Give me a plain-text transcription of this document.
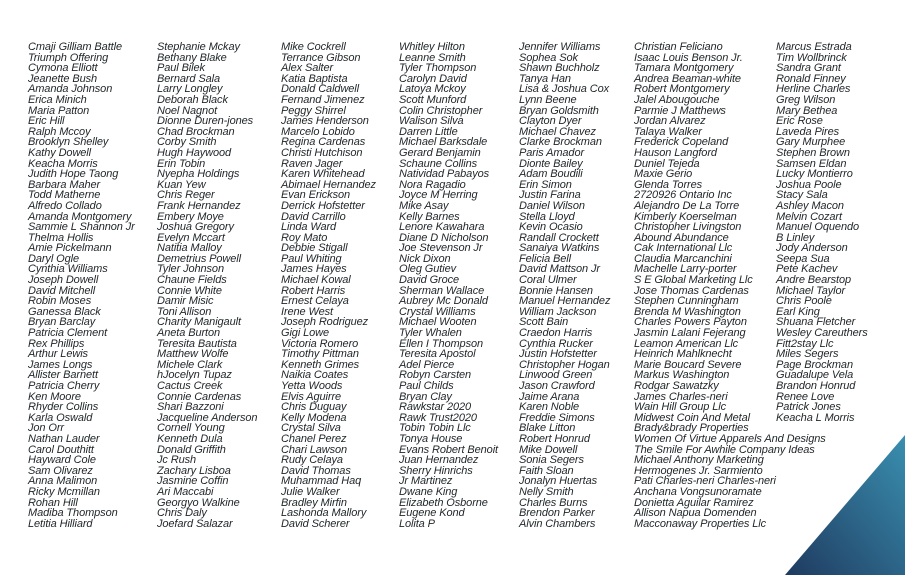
Cmaji Gilliam Battle
Triumph Offering
Cymona Elliott
Jeanette Bush
Amanda Johnson
Erica Minich
Maria Patton
Eric Hill
Ralph Mccoy
Brooklyn Shelley
Kathy Dowell
Keacha Morris
Judith Hope Taong
Barbara Maher
Todd Matherne
Alfredo Collado
Amanda Montgomery
Sammie L Shannon Jr
Thelma Hollis
Amie Pickelmann
Daryl Ogle
Cynthia Williams
Joseph Dowell
David Mitchell
Robin Moses
Ganessa Black
Bryan Barclay
Patricia Clement
Rex Phillips
Arthur Lewis
James Longs
Allister Barnett
Patricia Cherry
Ken Moore
Rhyder Collins
Karla Oswald
Jon Orr
Nathan Lauder
Carol Douthitt
Hayward Cole
Sam Olivarez
Anna Malimon
Ricky Mcmillan
Rohan Hill
Madiba Thompson
Letitia Hilliard
Stephanie Mckay
Bethany Blake
Paul Bilek
Bernard Sala
Larry Longley
Deborah Black
Noel Nagnot
Dionne Duren-jones
Chad Brockman
Corby Smith
Hugh Haywood
Erin Tobin
Nyepha Holdings
Kuan Yew
Chris Reger
Frank Hernandez
Embery Moye
Joshua Gregory
Evelyn Mccart
Natitia Malloy
Demetrius Powell
Tyler Johnson
Chaune Fields
Connie White
Damir Misic
Toni Allison
Charity Manigault
Aneta Burton
Teresita Bautista
Matthew Wolfe
Michele Clark
hJocelyn Tupaz
Cactus Creek
Connie Cardenas
Shari Bazzoni
Jacqueline Anderson
Cornell Young
Kenneth Dula
Donald Griffith
Jc Rush
Zachary Lisboa
Jasmine Coffin
Ari Maccabi
Georgyo Walkine
Chris Daly
Joefard Salazar
Mike Cockrell
Terrance Gibson
Alex Salter
Katia Baptista
Donald Caldwell
Fernand Jimenez
Peggy Shirrel
James Henderson
Marcelo Lobido
Regina Cardenas
Christi Hutchison
Raven Jager
Karen Whitehead
Abimael Hernandez
Evan Erickson
Derrick Hofstetter
David Carrillo
Linda Ward
Roy Mato
Debbie Stigall
Paul Whiting
James Hayes
Michael Kowal
Robert Harris
Ernest Celaya
Irene West
Joseph Rodriguez
Gigi Lowe
Victoria Romero
Timothy Pittman
Kenneth Grimes
Naikia Coates
Yetta Woods
Elvis Aguirre
Chris Duguay
Kelly Modena
Crystal Silva
Chanel Perez
Chari Lawson
Rudy Celaya
David Thomas
Muhammad Haq
Julie Walker
Bradley Mirfin
Lashonda Mallory
David Scherer
Whitley Hilton
Leanne Smith
Tyler Thompson
Carolyn David
Latoya Mckoy
Scott Munford
Colin Christopher
Walison Silva
Darren Little
Michael Barksdale
Gerard Benjamin
Schaune Collins
Natividad Pabayos
Nora Ragadio
Joyce M Herring
Mike Asay
Kelly Barnes
Lenore Kawahara
Diane D Nicholson
Joe Stevenson Jr
Nick Dixon
Oleg Gutiev
David Groce
Sherman Wallace
Aubrey Mc Donald
Crystal Williams
Michael Wooten
Tyler Whalen
Ellen I Thompson
Teresita Apostol
Adel Pierce
Robyn Carsten
Paul Childs
Bryan Clay
Rawkstar 2020
Rawk Trust2020
Tobin Tobin Llc
Tonya House
Evans Robert Benoit
Juan Hernandez
Sherry Hinrichs
Jr Martinez
Dwane King
Elizabeth Osborne
Eugene Kond
Lolita P
Jennifer Williams
Sophea Sok
Shawn Buchholz
Tanya Han
Lisa & Joshua Cox
Lynn Beene
Bryan Goldsmith
Clayton Dyer
Michael Chavez
Clarke Brockman
Paris Amador
Dionte Bailey
Adam Boudili
Erin Simon
Justin Farina
Daniel Wilson
Stella Lloyd
Kevin Ocasio
Randall Crockett
Sanaiya Watkins
Felicia Bell
David Mattson Jr
Coral Ulmer
Bonnie Hansen
Manuel Hernandez
William Jackson
Scott Bain
Craedon Harris
Cynthia Rucker
Justin Hofstetter
Christopher Hogan
Linwood Green
Jason Crawford
Jaime Arana
Karen Noble
Freddie Simons
Blake Litton
Robert Honrud
Mike Dowell
Sonia Segers
Faith Sloan
Jonalyn Huertas
Nelly Smith
Charles Burns
Brendon Parker
Alvin Chambers
Christian Feliciano
Isaac Louis Benson Jr.
Tamara Montgomery
Andrea Beaman-white
Robert Montgomery
Jalel Abougouche
Parmie J Matthews
Jordan Alvarez
Talaya Walker
Frederick Copeland
Hauson Langford
Duniel Tejeda
Maxie Gerio
Glenda Torres
2720926 Ontario Inc
Alejandro De La Torre
Kimberly Koerselman
Christopher Livingston
Abound Abundance
Cak International Llc
Claudia Marcanchini
Machelle Larry-porter
S E Global Marketing Llc
Jose Thomas Cardenas
Stephen Cunningham
Brenda M Washington
Charles Powers Payton
Jasmin Lalani Fejerang
Leamon American Llc
Heinrich Mahlknecht
Marie Boucard Severe
Markus Washington
Rodgar Sawatzky
James Charles-neri
Wain Hill Group Llc
Midwest Coin And Metal
Brady&brady Properties
Women Of Virtue Apparels And Designs
The Smile For Awhile Company Ideas
Michael Anthony Marketing
Hermogenes Jr. Sarmiento
Pati Charles-neri Charles-neri
Anchana Vongsunoramate
Donietta Aguilar Ramirez
Allison Napua Domenden
Macconaway Properties Llc
Marcus Estrada
Tim Wollbrinck
Sandra Grant
Ronald Finney
Herline Charles
Greg Wilson
Mary Bethea
Eric Rose
Laveda Pires
Gary Murphee
Stephen Brown
Samsen Eldan
Lucky Montierro
Joshua Poole
Stacy Sala
Ashley Macon
Melvin Cozart
Manuel Oquendo
B Linley
Jody Anderson
Seepa Sua
Pete Kachev
Andre Bearstop
Michael Taylor
Chris Poole
Earl King
Shuana Fletcher
Wesley Careuthers
Fitt2stay Llc
Miles Segers
Page Brockman
Guadalupe Vela
Brandon Honrud
Renee Love
Patrick Jones
Keacha L Morris
